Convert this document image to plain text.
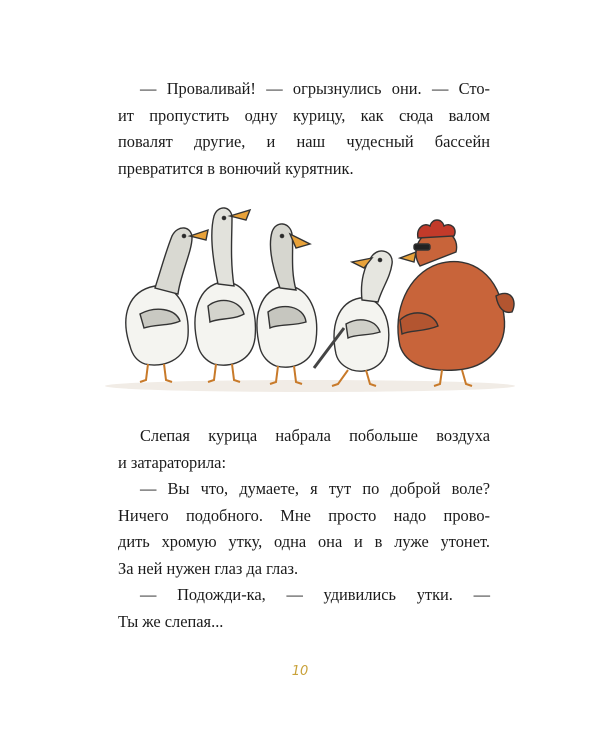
— Проваливай! — огрызнулись они. — Сто-
ит пропустить одну курицу, как сюда валом
повалят другие, и наш чудесный бассейн
превратится в вонючий курятник.

Слепая курица набрала побольше воздуха
и затараторила:

— Вы что, думаете, я тут по доброй воле?
Ничего подобного. Мне просто надо прово-
дить хромую утку, одна она и в луже утонет.
За ней нужен глаз да глаз.

— Подожди-ка, — удивились утки. —
Ты же слепая...

10
